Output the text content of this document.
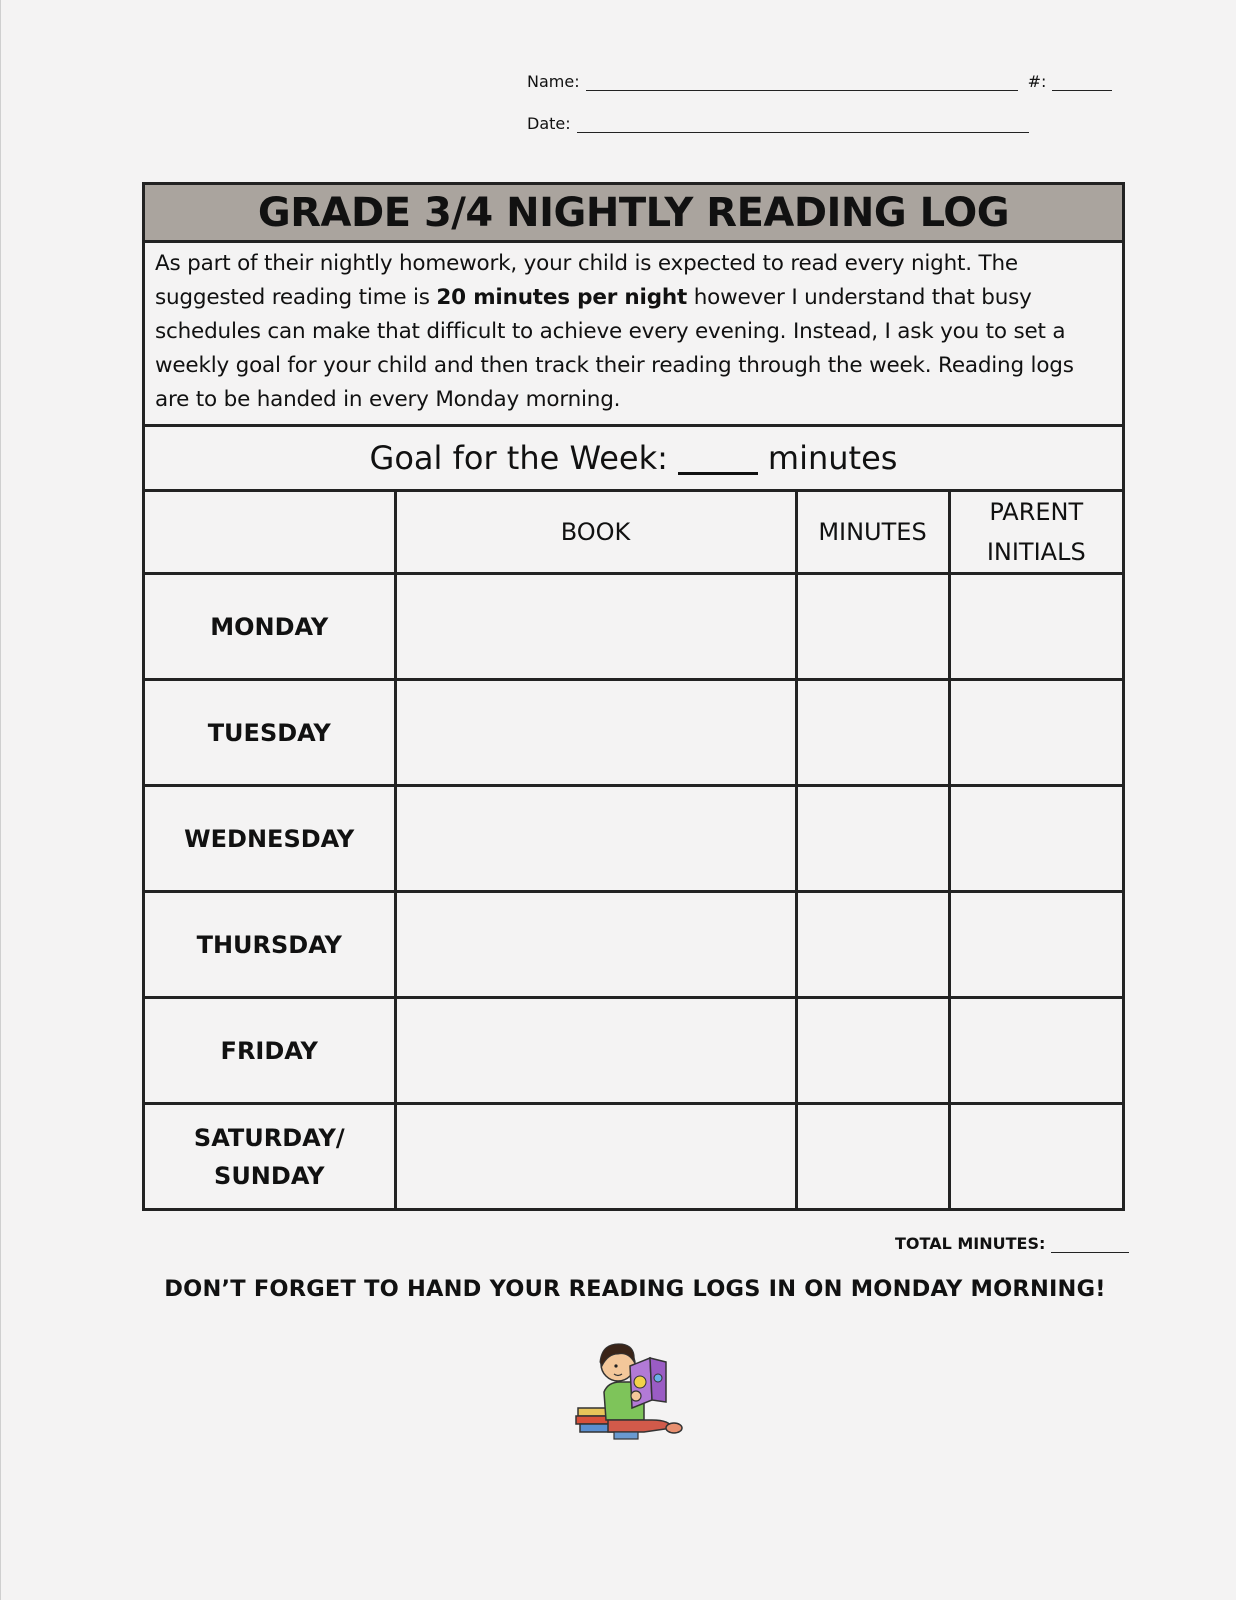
Name:	#:
Date:
GRADE 3/4 NIGHTLY READING LOG
As part of their nightly homework, your child is expected to read every night. The suggested reading time is 20 minutes per night however I understand that busy schedules can make that difficult to achieve every evening. Instead, I ask you to set a weekly goal for your child and then track their reading through the week. Reading logs are to be handed in every Monday morning.
Goal for the Week:	minutes
	BOOK	MINUTES	PARENT INITIALS
MONDAY			
TUESDAY			
WEDNESDAY			
THURSDAY			
FRIDAY			
SATURDAY/ SUNDAY			
TOTAL MINUTES:
DON’T FORGET TO HAND YOUR READING LOGS IN ON MONDAY MORNING!
